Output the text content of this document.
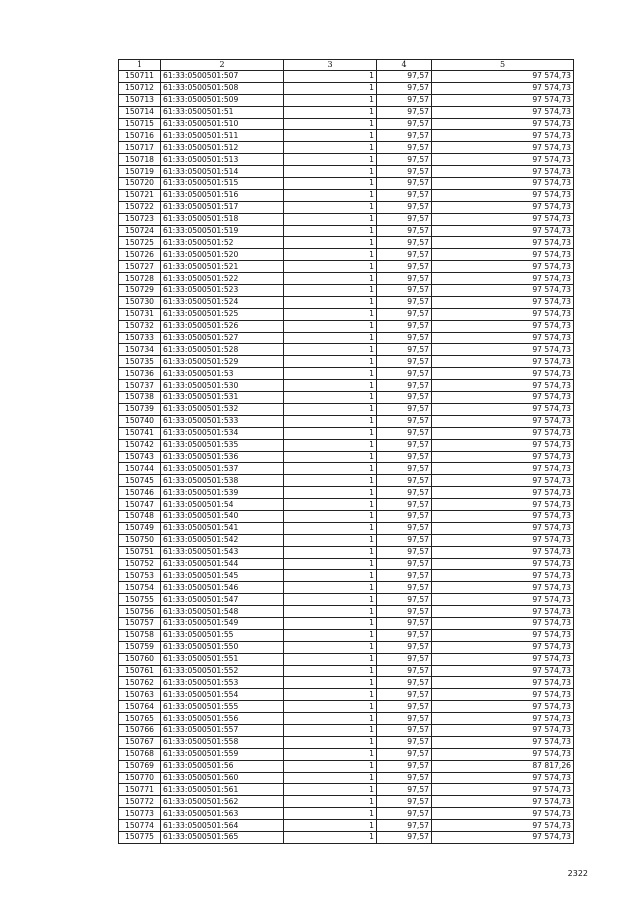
1	2	3	4	5
150711	61:33:0500501:507	1	97,57	97 574,73
150712	61:33:0500501:508	1	97,57	97 574,73
150713	61:33:0500501:509	1	97,57	97 574,73
150714	61:33:0500501:51	1	97,57	97 574,73
150715	61:33:0500501:510	1	97,57	97 574,73
150716	61:33:0500501:511	1	97,57	97 574,73
150717	61:33:0500501:512	1	97,57	97 574,73
150718	61:33:0500501:513	1	97,57	97 574,73
150719	61:33:0500501:514	1	97,57	97 574,73
150720	61:33:0500501:515	1	97,57	97 574,73
150721	61:33:0500501:516	1	97,57	97 574,73
150722	61:33:0500501:517	1	97,57	97 574,73
150723	61:33:0500501:518	1	97,57	97 574,73
150724	61:33:0500501:519	1	97,57	97 574,73
150725	61:33:0500501:52	1	97,57	97 574,73
150726	61:33:0500501:520	1	97,57	97 574,73
150727	61:33:0500501:521	1	97,57	97 574,73
150728	61:33:0500501:522	1	97,57	97 574,73
150729	61:33:0500501:523	1	97,57	97 574,73
150730	61:33:0500501:524	1	97,57	97 574,73
150731	61:33:0500501:525	1	97,57	97 574,73
150732	61:33:0500501:526	1	97,57	97 574,73
150733	61:33:0500501:527	1	97,57	97 574,73
150734	61:33:0500501:528	1	97,57	97 574,73
150735	61:33:0500501:529	1	97,57	97 574,73
150736	61:33:0500501:53	1	97,57	97 574,73
150737	61:33:0500501:530	1	97,57	97 574,73
150738	61:33:0500501:531	1	97,57	97 574,73
150739	61:33:0500501:532	1	97,57	97 574,73
150740	61:33:0500501:533	1	97,57	97 574,73
150741	61:33:0500501:534	1	97,57	97 574,73
150742	61:33:0500501:535	1	97,57	97 574,73
150743	61:33:0500501:536	1	97,57	97 574,73
150744	61:33:0500501:537	1	97,57	97 574,73
150745	61:33:0500501:538	1	97,57	97 574,73
150746	61:33:0500501:539	1	97,57	97 574,73
150747	61:33:0500501:54	1	97,57	97 574,73
150748	61:33:0500501:540	1	97,57	97 574,73
150749	61:33:0500501:541	1	97,57	97 574,73
150750	61:33:0500501:542	1	97,57	97 574,73
150751	61:33:0500501:543	1	97,57	97 574,73
150752	61:33:0500501:544	1	97,57	97 574,73
150753	61:33:0500501:545	1	97,57	97 574,73
150754	61:33:0500501:546	1	97,57	97 574,73
150755	61:33:0500501:547	1	97,57	97 574,73
150756	61:33:0500501:548	1	97,57	97 574,73
150757	61:33:0500501:549	1	97,57	97 574,73
150758	61:33:0500501:55	1	97,57	97 574,73
150759	61:33:0500501:550	1	97,57	97 574,73
150760	61:33:0500501:551	1	97,57	97 574,73
150761	61:33:0500501:552	1	97,57	97 574,73
150762	61:33:0500501:553	1	97,57	97 574,73
150763	61:33:0500501:554	1	97,57	97 574,73
150764	61:33:0500501:555	1	97,57	97 574,73
150765	61:33:0500501:556	1	97,57	97 574,73
150766	61:33:0500501:557	1	97,57	97 574,73
150767	61:33:0500501:558	1	97,57	97 574,73
150768	61:33:0500501:559	1	97,57	97 574,73
150769	61:33:0500501:56	1	97,57	87 817,26
150770	61:33:0500501:560	1	97,57	97 574,73
150771	61:33:0500501:561	1	97,57	97 574,73
150772	61:33:0500501:562	1	97,57	97 574,73
150773	61:33:0500501:563	1	97,57	97 574,73
150774	61:33:0500501:564	1	97,57	97 574,73
150775	61:33:0500501:565	1	97,57	97 574,73
2322
